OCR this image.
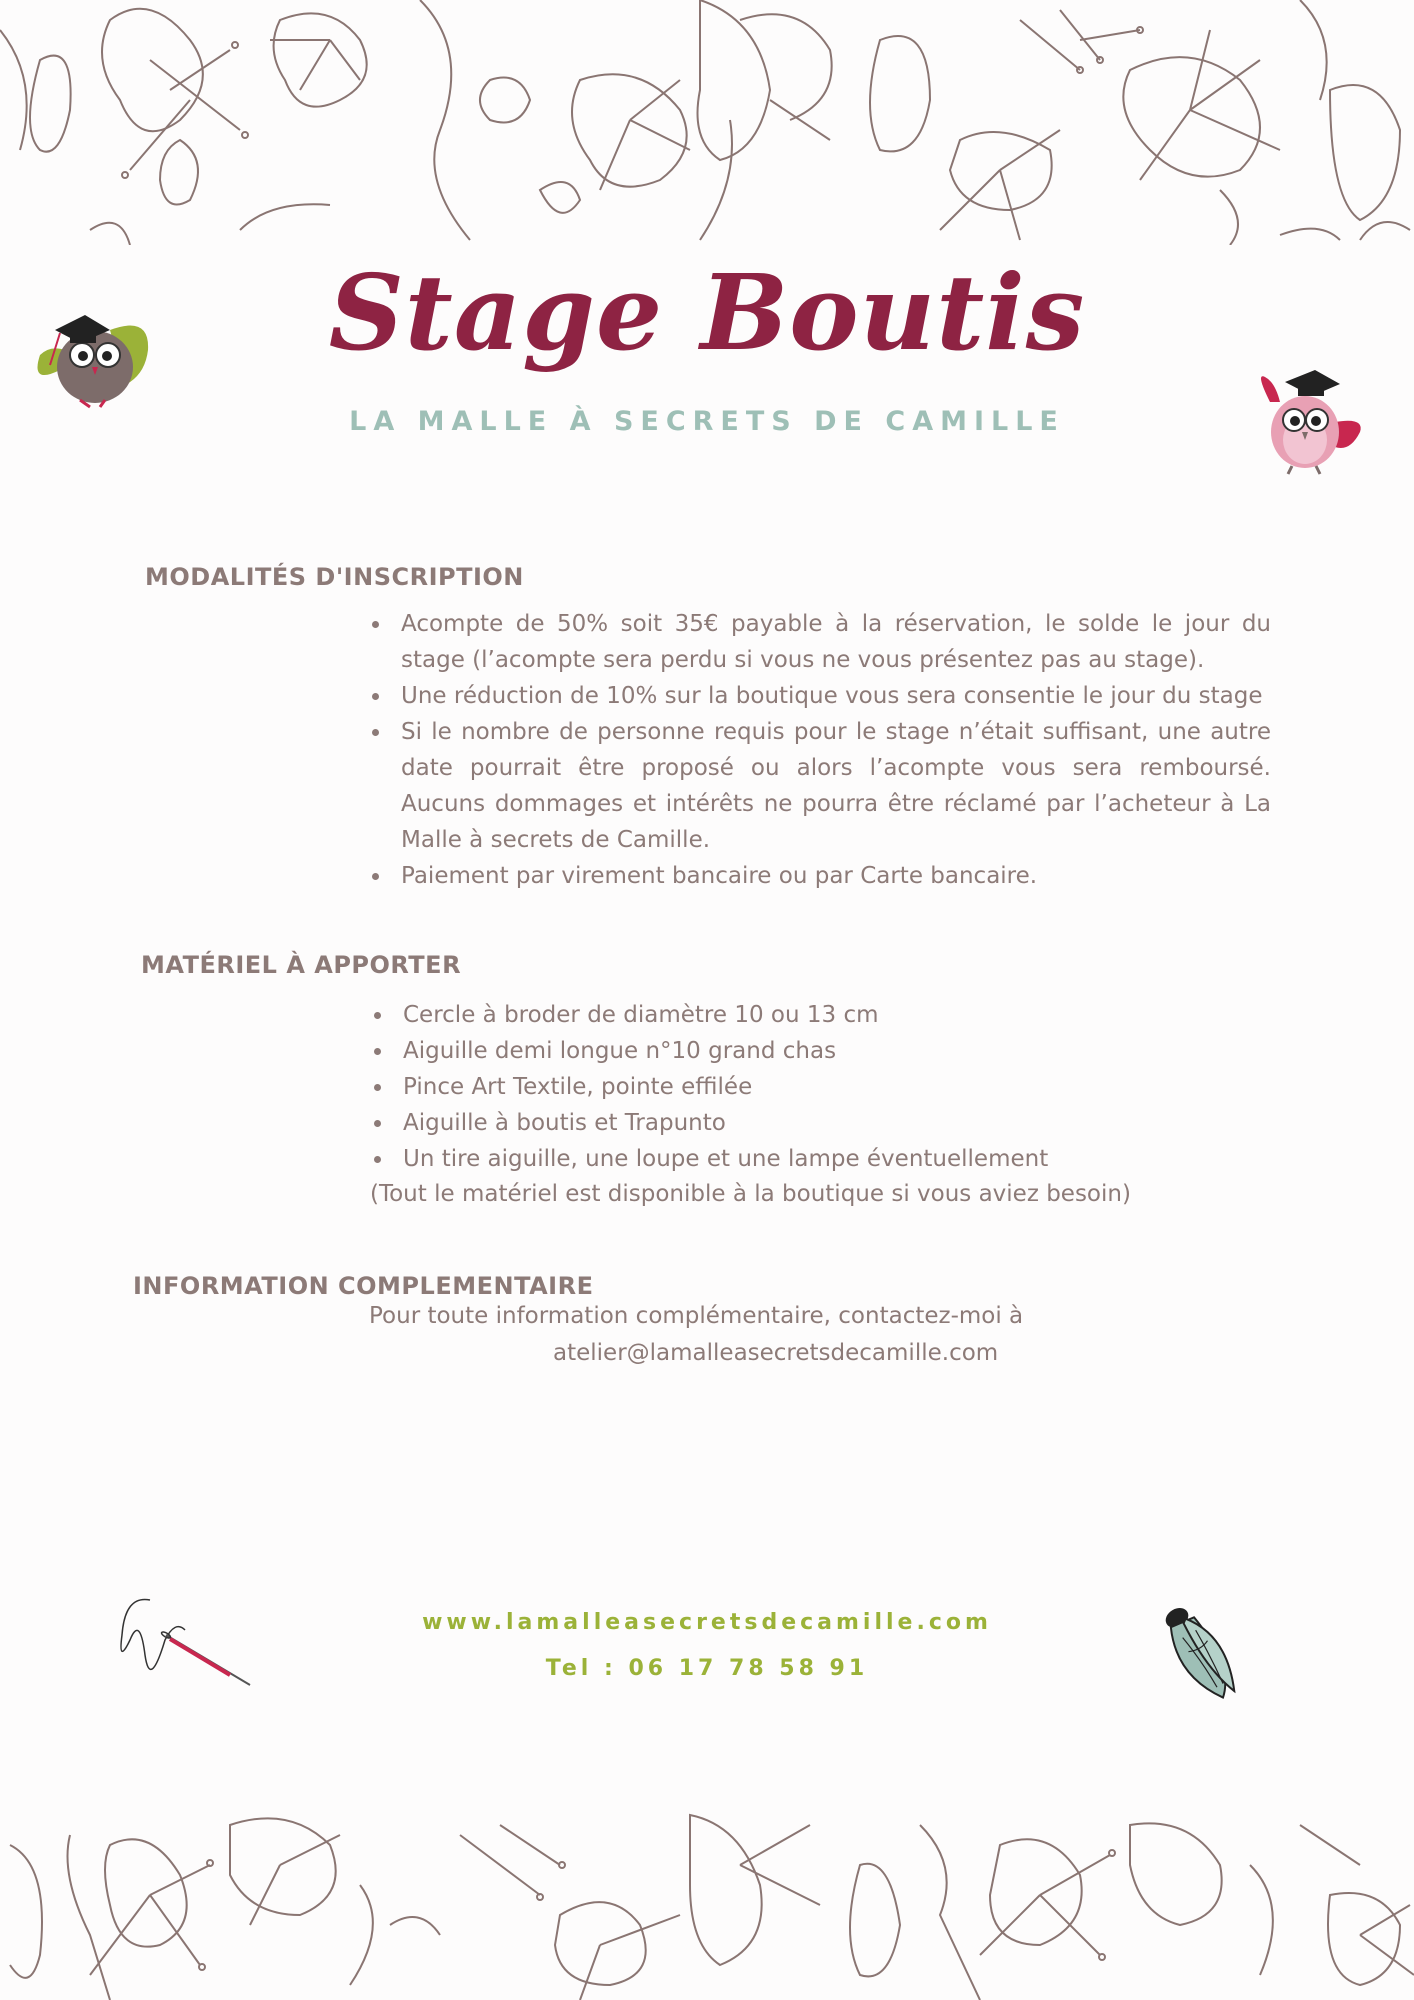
Stage Boutis
LA MALLE À SECRETS DE CAMILLE
MODALITÉS D'INSCRIPTION
Acompte de 50% soit 35€ payable à la réservation, le solde le jour du stage (l’acompte sera perdu si vous ne vous présentez pas au stage).
Une réduction de 10% sur la boutique vous sera consentie le jour du stage
Si le nombre de personne requis pour le stage n’était suffisant, une autre date pourrait être proposé ou alors l’acompte vous sera remboursé. Aucuns dommages et intérêts ne pourra être réclamé par l’acheteur à La Malle à secrets de Camille.
Paiement par virement bancaire ou par Carte bancaire.
MATÉRIEL À APPORTER
Cercle à broder de diamètre 10 ou 13 cm
Aiguille demi longue n°10 grand chas
Pince Art Textile, pointe effilée
Aiguille à boutis et Trapunto
Un tire aiguille, une loupe et une lampe éventuellement
(Tout le matériel est disponible à la boutique si vous aviez besoin)
INFORMATION COMPLEMENTAIRE
Pour toute information complémentaire, contactez-moi à
atelier@lamalleasecretsdecamille.com
www.lamalleasecretsdecamille.com
Tel : 06 17 78 58 91
